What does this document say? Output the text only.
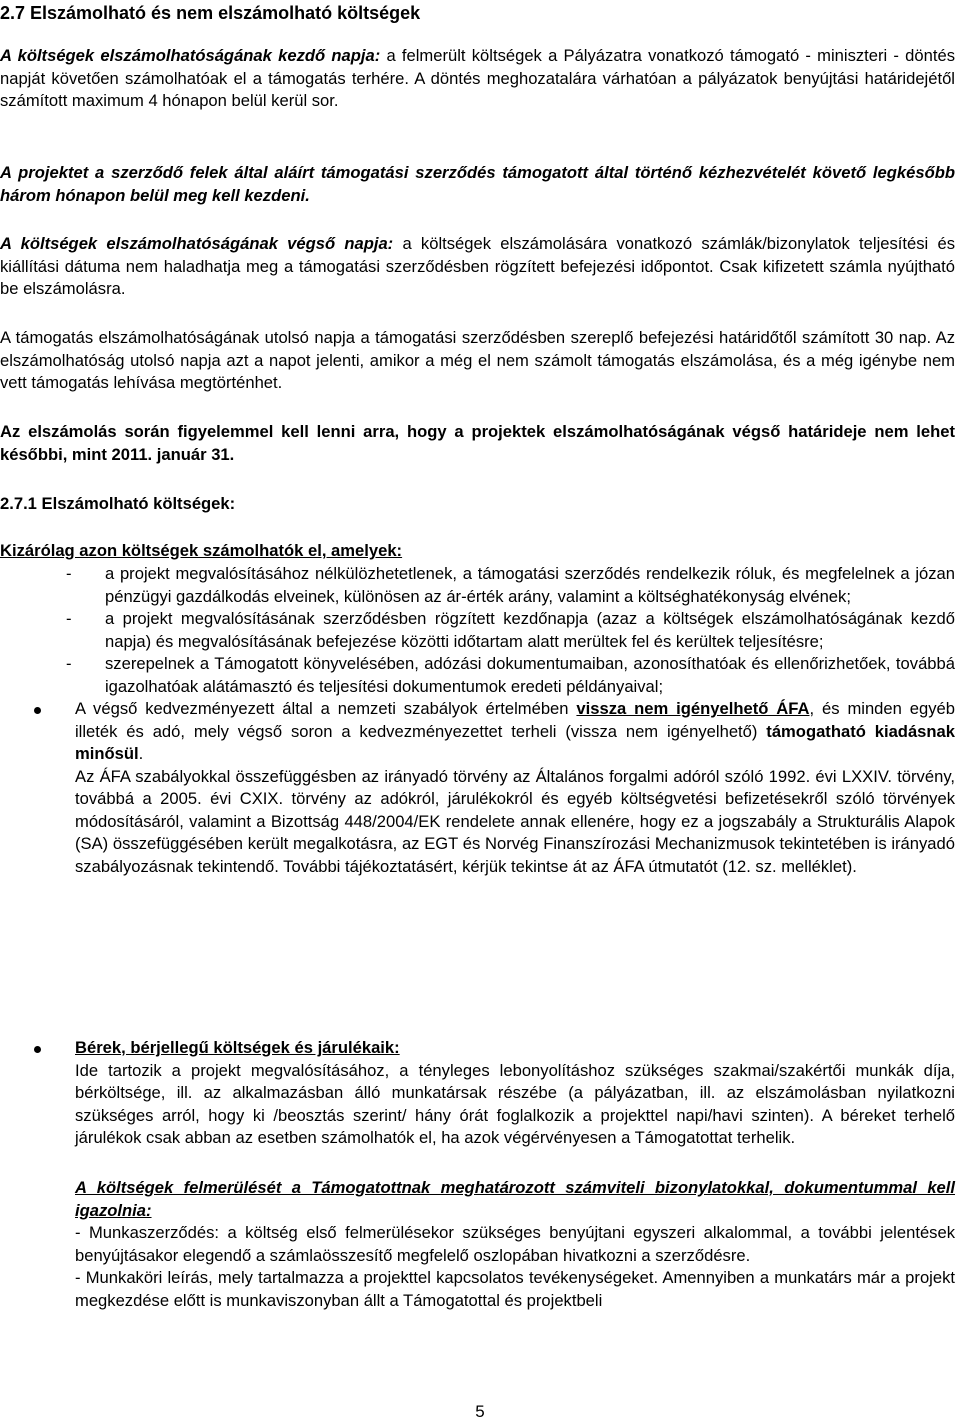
2.7 Elszámolható és nem elszámolható költségek

A költségek elszámolhatóságának kezdő napja: a felmerült költségek a Pályázatra vonatkozó támogató - miniszteri - döntés napját követően számolhatóak el a támogatás terhére. A döntés meghozatalára várhatóan a pályázatok benyújtási határidejétől számított maximum 4 hónapon belül kerül sor.

A projektet a szerződő felek által aláírt támogatási szerződés támogatott által történő kézhezvételét követő legkésőbb három hónapon belül meg kell kezdeni.

A költségek elszámolhatóságának végső napja: a költségek elszámolására vonatkozó számlák/bizonylatok teljesítési és kiállítási dátuma nem haladhatja meg a támogatási szerződésben rögzített befejezési időpontot. Csak kifizetett számla nyújtható be elszámolásra.

A támogatás elszámolhatóságának utolsó napja a támogatási szerződésben szereplő befejezési határidőtől számított 30 nap. Az elszámolhatóság utolsó napja azt a napot jelenti, amikor a még el nem számolt támogatás elszámolása, és a még igénybe nem vett támogatás lehívása megtörténhet.

Az elszámolás során figyelemmel kell lenni arra, hogy a projektek elszámolhatóságának végső határideje nem lehet későbbi, mint 2011. január 31.

2.7.1 Elszámolható költségek:
Kizárólag azon költségek számolhatók el, amelyek:
- a projekt megvalósításához nélkülözhetetlenek, a támogatási szerződés rendelkezik róluk, és megfelelnek a józan pénzügyi gazdálkodás elveinek, különösen az ár-érték arány, valamint a költséghatékonyság elvének;
- a projekt megvalósításának szerződésben rögzített kezdőnapja (azaz a költségek elszámolhatóságának kezdő napja) és megvalósításának befejezése közötti időtartam alatt merültek fel és kerültek teljesítésre;
- szerepelnek a Támogatott könyvelésében, adózási dokumentumaiban, azonosíthatóak és ellenőrizhetőek, továbbá igazolhatóak alátámasztó és teljesítési dokumentumok eredeti példányaival;
A végső kedvezményezett által a nemzeti szabályok értelmében vissza nem igényelhető ÁFA, és minden egyéb illeték és adó, mely végső soron a kedvezményezettet terheli (vissza nem igényelhető) támogatható kiadásnak minősül.
Az ÁFA szabályokkal összefüggésben az irányadó törvény az Általános forgalmi adóról szóló 1992. évi LXXIV. törvény, továbbá a 2005. évi CXIX. törvény az adókról, járulékokról és egyéb költségvetési befizetésekről szóló törvények módosításáról, valamint a Bizottság 448/2004/EK rendelete annak ellenére, hogy ez a jogszabály a Strukturális Alapok (SA) összefüggésében került megalkotásra, az EGT és Norvég Finanszírozási Mechanizmusok tekintetében is irányadó szabályozásnak tekintendő. További tájékoztatásért, kérjük tekintse át az ÁFA útmutatót (12. sz. melléklet).
Bérek, bérjellegű költségek és járulékaik:
Ide tartozik a projekt megvalósításához, a tényleges lebonyolításhoz szükséges szakmai/szakértői munkák díja, bérköltsége, ill. az alkalmazásban álló munkatársak részébe (a pályázatban, ill. az elszámolásban nyilatkozni szükséges arról, hogy ki /beosztás szerint/ hány órát foglalkozik a projekttel napi/havi szinten). A béreket terhelő járulékok csak abban az esetben számolhatók el, ha azok végérvényesen a Támogatottat terhelik.
A költségek felmerülését a Támogatottnak meghatározott számviteli bizonylatokkal, dokumentummal kell igazolnia:
- Munkaszerződés: a költség első felmerülésekor szükséges benyújtani egyszeri alkalommal, a további jelentések benyújtásakor elegendő a számlaösszesítő megfelelő oszlopában hivatkozni a szerződésre.
- Munkaköri leírás, mely tartalmazza a projekttel kapcsolatos tevékenységeket. Amennyiben a munkatárs már a projekt megkezdése előtt is munkaviszonyban állt a Támogatottal és projektbeli
5
